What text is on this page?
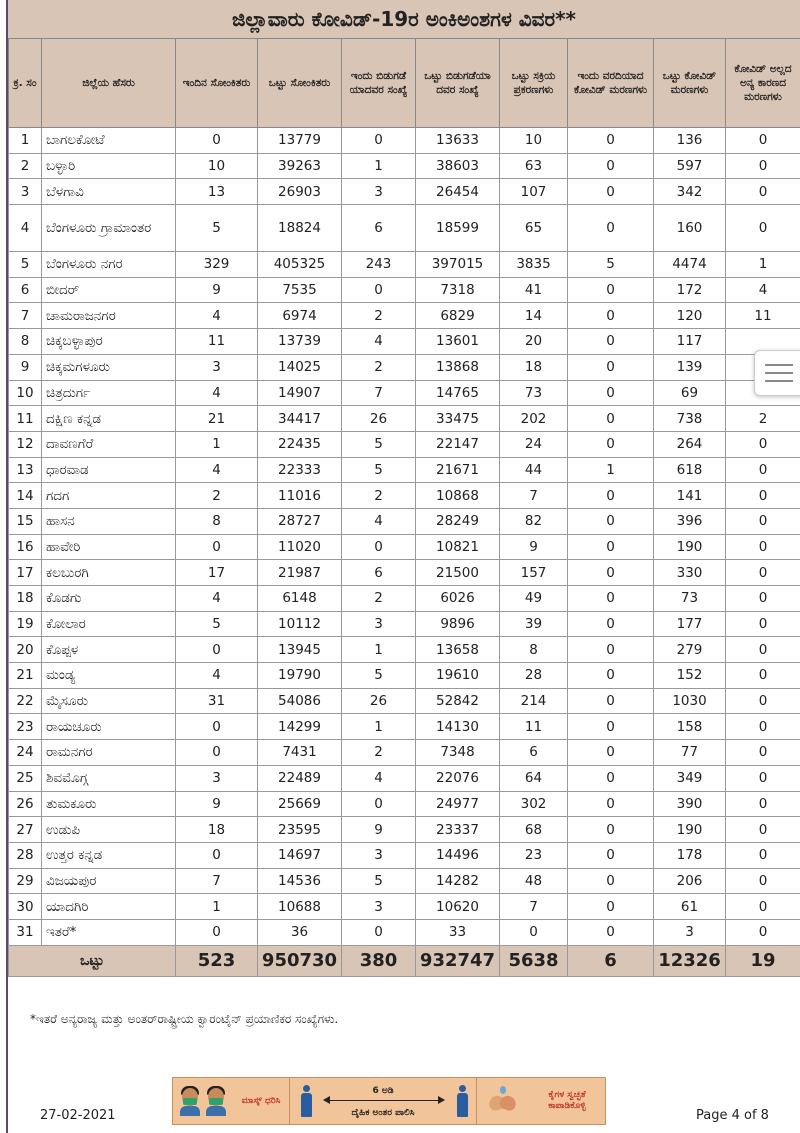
ಜಿಲ್ಲಾವಾರು ಕೋವಿಡ್-19ರ ಅಂಕಿಅಂಶಗಳ ವಿವರ**
ಕ್ರ. ಸಂ	ಜಿಲ್ಲೆಯ ಹೆಸರು	ಇಂದಿನ ಸೋಂಕಿತರು	ಒಟ್ಟು ಸೋಂಕಿತರು	ಇಂದು ಬಿಡುಗಡೆ ಯಾದವರ ಸಂಖ್ಯೆ	ಒಟ್ಟು ಬಿಡುಗಡೆಯಾ ದವರ ಸಂಖ್ಯೆ	ಒಟ್ಟು ಸಕ್ರಿಯ ಪ್ರಕರಣಗಳು	ಇಂದು ವರದಿಯಾದ ಕೋವಿಡ್ ಮರಣಗಳು	ಒಟ್ಟು ಕೋವಿಡ್ ಮರಣಗಳು	ಕೋವಿಡ್ ಅಲ್ಲದ ಅನ್ಯ ಕಾರಣದ ಮರಣಗಳು
1	ಬಾಗಲಕೋಟೆ	0	13779	0	13633	10	0	136	0
2	ಬಳ್ಳಾರಿ	10	39263	1	38603	63	0	597	0
3	ಬೆಳಗಾವಿ	13	26903	3	26454	107	0	342	0
4	ಬೆಂಗಳೂರು ಗ್ರಾಮಾಂತರ	5	18824	6	18599	65	0	160	0
5	ಬೆಂಗಳೂರು ನಗರ	329	405325	243	397015	3835	5	4474	1
6	ಬೀದರ್	9	7535	0	7318	41	0	172	4
7	ಚಾಮರಾಜನಗರ	4	6974	2	6829	14	0	120	11
8	ಚಿಕ್ಕಬಳ್ಳಾಪುರ	11	13739	4	13601	20	0	117	
9	ಚಿಕ್ಕಮಗಳೂರು	3	14025	2	13868	18	0	139	
10	ಚಿತ್ರದುರ್ಗ	4	14907	7	14765	73	0	69	
11	ದಕ್ಷಿಣ ಕನ್ನಡ	21	34417	26	33475	202	0	738	2
12	ದಾವಣಗೆರೆ	1	22435	5	22147	24	0	264	0
13	ಧಾರವಾಡ	4	22333	5	21671	44	1	618	0
14	ಗದಗ	2	11016	2	10868	7	0	141	0
15	ಹಾಸನ	8	28727	4	28249	82	0	396	0
16	ಹಾವೇರಿ	0	11020	0	10821	9	0	190	0
17	ಕಲಬುರಗಿ	17	21987	6	21500	157	0	330	0
18	ಕೊಡಗು	4	6148	2	6026	49	0	73	0
19	ಕೋಲಾರ	5	10112	3	9896	39	0	177	0
20	ಕೊಪ್ಪಳ	0	13945	1	13658	8	0	279	0
21	ಮಂಡ್ಯ	4	19790	5	19610	28	0	152	0
22	ಮೈಸೂರು	31	54086	26	52842	214	0	1030	0
23	ರಾಯಚೂರು	0	14299	1	14130	11	0	158	0
24	ರಾಮನಗರ	0	7431	2	7348	6	0	77	0
25	ಶಿವಮೊಗ್ಗ	3	22489	4	22076	64	0	349	0
26	ತುಮಕೂರು	9	25669	0	24977	302	0	390	0
27	ಉಡುಪಿ	18	23595	9	23337	68	0	190	0
28	ಉತ್ತರ ಕನ್ನಡ	0	14697	3	14496	23	0	178	0
29	ವಿಜಯಪುರ	7	14536	5	14282	48	0	206	0
30	ಯಾದಗಿರಿ	1	10688	3	10620	7	0	61	0
31	ಇತರೆ*	0	36	0	33	0	0	3	0
ಒಟ್ಟು		523	950730	380	932747	5638	6	12326	19
*ಇತರೆ ಅನ್ಯರಾಜ್ಯ ಮತ್ತು ಅಂತರ್‌ರಾಷ್ಟ್ರೀಯ ಕ್ವಾರಂಟೈನ್ ಪ್ರಯಾಣಿಕರ ಸಂಖ್ಯೆಗಳು.
ಮಾಸ್ಕ್ ಧರಿಸಿ
6 ಅಡಿ
ದೈಹಿಕ ಅಂತರ ಪಾಲಿಸಿ
ಕೈಗಳ ಸ್ವಚ್ಛತೆ ಕಾಪಾಡಿಕೊಳ್ಳಿ
27-02-2021	Page 4 of 8
